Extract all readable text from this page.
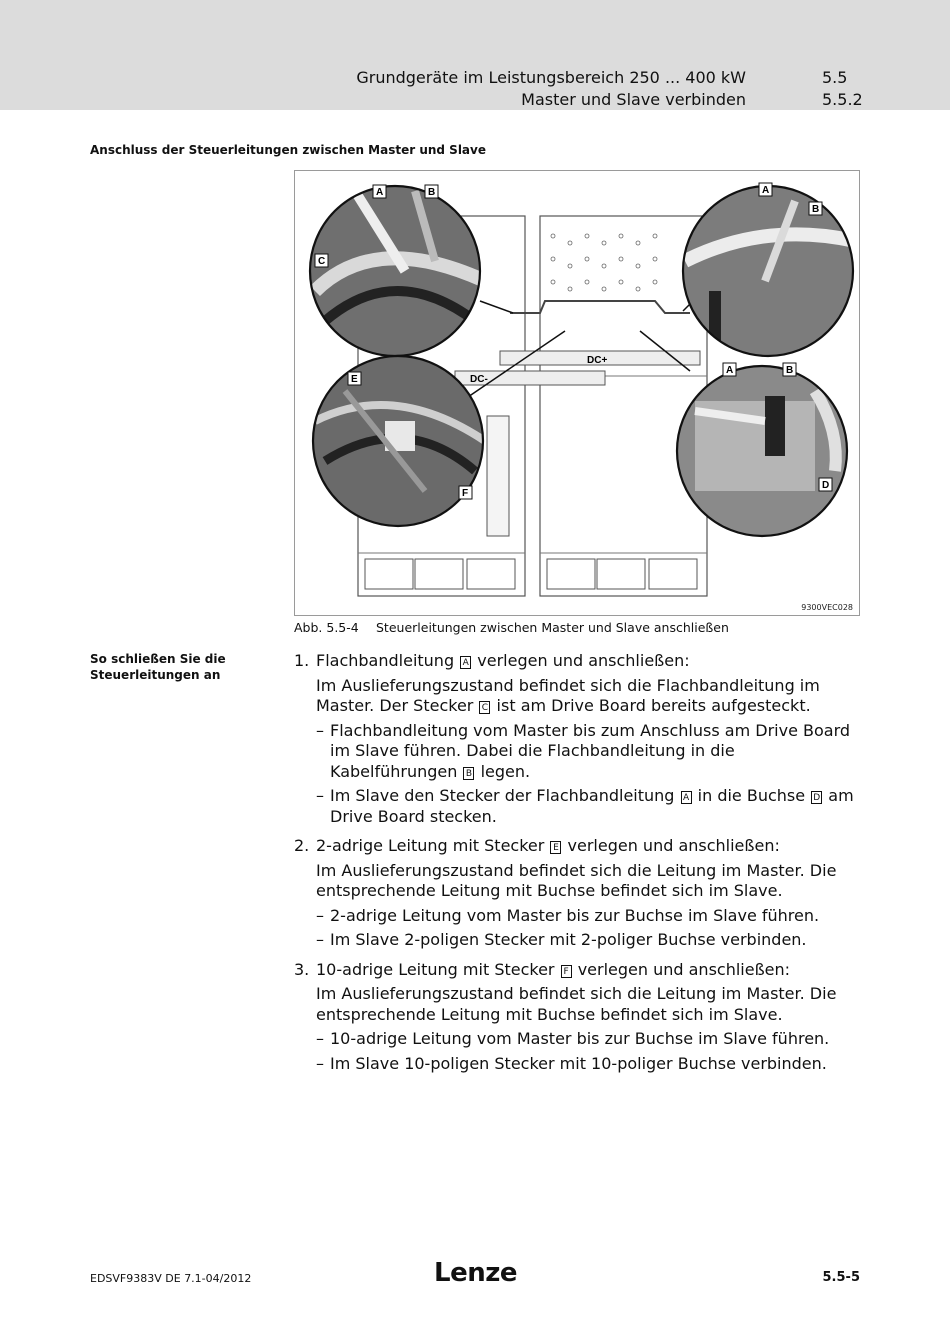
Grundgeräte im Leistungsbereich 250 ... 400 kW	5.5
Master und Slave verbinden	5.5.2
Anschluss der Steuerleitungen zwischen Master und Slave
DC+
DC-
A	B
C
A
B
E
F
A	B
D
9300VEC028
Abb. 5.5-4 Steuerleitungen zwischen Master und Slave anschließen
So schließen Sie die Steuerleitungen an
1. Flachbandleitung A verlegen und anschließen:
Im Auslieferungszustand befindet sich die Flachbandleitung im Master. Der Stecker C ist am Drive Board bereits aufgesteckt.
– Flachbandleitung vom Master bis zum Anschluss am Drive Board im Slave führen. Dabei die Flachbandleitung in die Kabelführungen B legen.
– Im Slave den Stecker der Flachbandleitung A in die Buchse D am Drive Board stecken.
2. 2-adrige Leitung mit Stecker E verlegen und anschließen:
Im Auslieferungszustand befindet sich die Leitung im Master. Die entsprechende Leitung mit Buchse befindet sich im Slave.
– 2-adrige Leitung vom Master bis zur Buchse im Slave führen.
– Im Slave 2-poligen Stecker mit 2-poliger Buchse verbinden.
3. 10-adrige Leitung mit Stecker F verlegen und anschließen:
Im Auslieferungszustand befindet sich die Leitung im Master. Die entsprechende Leitung mit Buchse befindet sich im Slave.
– 10-adrige Leitung vom Master bis zur Buchse im Slave führen.
– Im Slave 10-poligen Stecker mit 10-poliger Buchse verbinden.
EDSVF9383V DE 7.1-04/2012	Lenze	5.5-5
